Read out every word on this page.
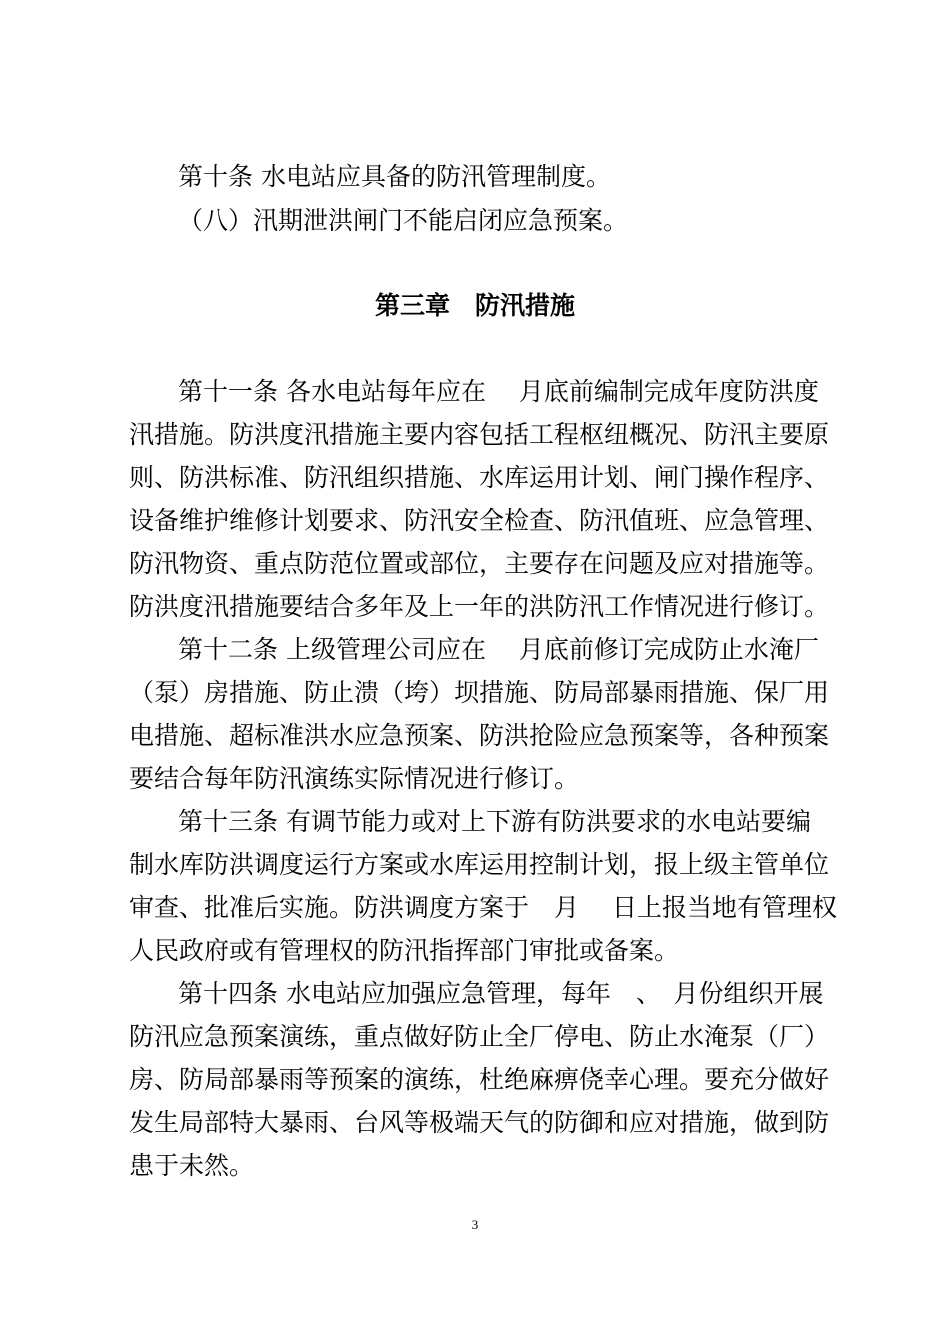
第十条 水电站应具备的防汛管理制度。
（八）汛期泄洪闸门不能启闭应急预案。
第三章　防汛措施
第十一条 各水电站每年应在　 月底前编制完成年度防洪度
汛措施。防洪度汛措施主要内容包括工程枢纽概况、防汛主要原
则、防洪标准、防汛组织措施、水库运用计划、闸门操作程序、
设备维护维修计划要求、防汛安全检查、防汛值班、应急管理、
防汛物资、重点防范位置或部位，主要存在问题及应对措施等。
防洪度汛措施要结合多年及上一年的洪防汛工作情况进行修订。
第十二条 上级管理公司应在　 月底前修订完成防止水淹厂
（泵）房措施、防止溃（垮）坝措施、防局部暴雨措施、保厂用
电措施、超标准洪水应急预案、防洪抢险应急预案等，各种预案
要结合每年防汛演练实际情况进行修订。
第十三条 有调节能力或对上下游有防洪要求的水电站要编
制水库防洪调度运行方案或水库运用控制计划，报上级主管单位
审查、批准后实施。防洪调度方案于　月　 日上报当地有管理权
人民政府或有管理权的防汛指挥部门审批或备案。
第十四条 水电站应加强应急管理，每年　、　月份组织开展
防汛应急预案演练，重点做好防止全厂停电、防止水淹泵（厂）
房、防局部暴雨等预案的演练，杜绝麻痹侥幸心理。要充分做好
发生局部特大暴雨、台风等极端天气的防御和应对措施，做到防
患于未然。
3
